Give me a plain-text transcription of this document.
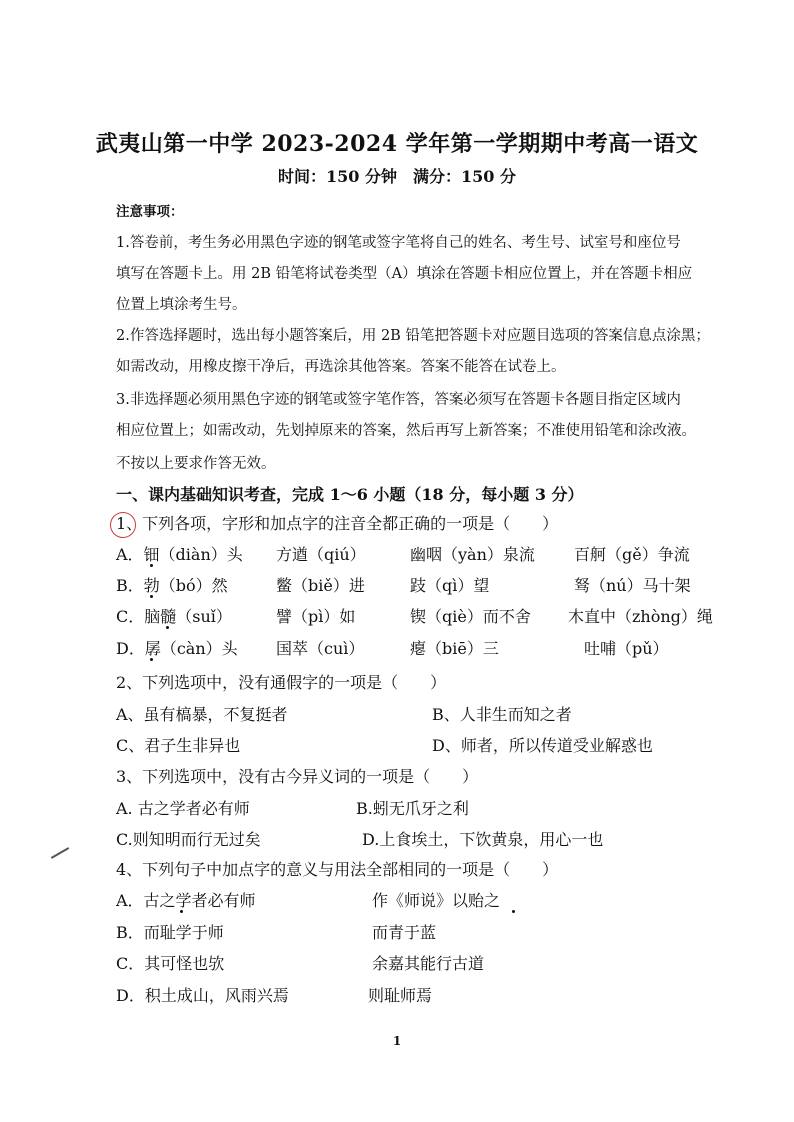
武夷山第一中学 2023-2024 学年第一学期期中考高一语文
时间：150 分钟　满分：150 分
注意事项：
1.答卷前，考生务必用黑色字迹的钢笔或签字笔将自己的姓名、考生号、试室号和座位号
填写在答题卡上。用 2B 铅笔将试卷类型（A）填涂在答题卡相应位置上，并在答题卡相应
位置上填涂考生号。
2.作答选择题时，选出每小题答案后，用 2B 铅笔把答题卡对应题目选项的答案信息点涂黑；
如需改动，用橡皮擦干净后，再选涂其他答案。答案不能答在试卷上。
3.非选择题必须用黑色字迹的钢笔或签字笔作答，答案必须写在答题卡各题目指定区域内
相应位置上；如需改动，先划掉原来的答案，然后再写上新答案；不准使用铅笔和涂改液。
不按以上要求作答无效。
一、课内基础知识考查，完成 1～6 小题（18 分，每小题 3 分）
1、下列各项，字形和加点字的注音全都正确的一项是（　　）
A．钿（diàn）头 方遒（qiú）	幽咽（yàn）泉流 百舸（gě）争流
B．勃（bó）然	鳖（biě）进	跂（qì）望	驽（nú）马十架
C．脑髓（suǐ）	譬（pì）如	锲（qiè）而不舍 木直中（zhòng）绳
D．孱（càn）头 国萃（cuì）	瘪（biē）三	吐哺（pǔ）
2、下列选项中，没有通假字的一项是（　　）
A、虽有槁暴，不复挺者	B、人非生而知之者
C、君子生非异也	D、师者，所以传道受业解惑也
3、下列选项中，没有古今异义词的一项是（　　）
A. 古之学者必有师	B.蚓无爪牙之利
C.则知明而行无过矣	D.上食埃土，下饮黄泉，用心一也
4、下列句子中加点字的意义与用法全部相同的一项是（　　）
A．古之学者必有师	作《师说》以贻之
B．而耻学于师	而青于蓝
C．其可怪也欤	余嘉其能行古道
D．积土成山，风雨兴焉	则耻师焉
1
